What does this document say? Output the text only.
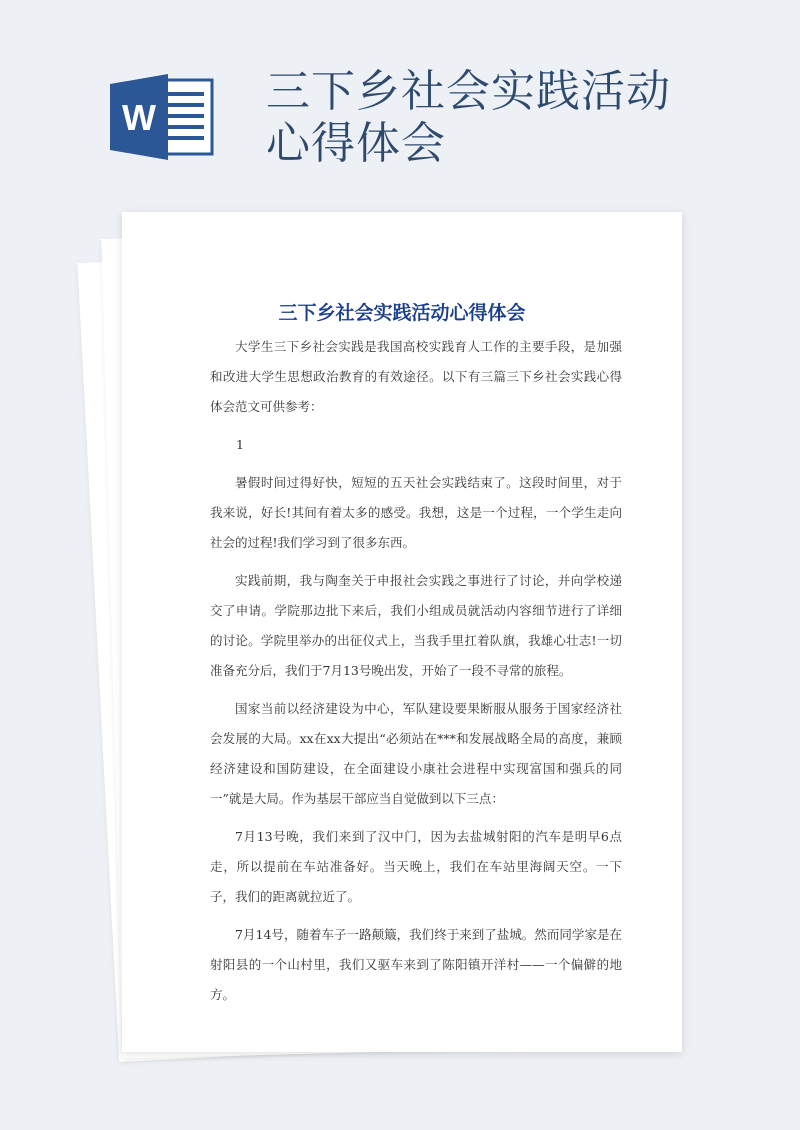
W
三下乡社会实践活动心得体会
三下乡社会实践活动心得体会

大学生三下乡社会实践是我国高校实践育人工作的主要手段，是加强和改进大学生思想政治教育的有效途径。以下有三篇三下乡社会实践心得体会范文可供参考：

1

暑假时间过得好快，短短的五天社会实践结束了。这段时间里，对于我来说，好长!其间有着太多的感受。我想，这是一个过程，一个学生走向社会的过程!我们学习到了很多东西。

实践前期，我与陶奎关于申报社会实践之事进行了讨论，并向学校递交了申请。学院那边批下来后，我们小组成员就活动内容细节进行了详细的讨论。学院里举办的出征仪式上，当我手里扛着队旗，我雄心壮志!一切准备充分后，我们于7月13号晚出发，开始了一段不寻常的旅程。

国家当前以经济建设为中心，军队建设要果断服从服务于国家经济社会发展的大局。xx在xx大提出“必须站在***和发展战略全局的高度，兼顾经济建设和国防建设，在全面建设小康社会进程中实现富国和强兵的同一”就是大局。作为基层干部应当自觉做到以下三点：

7月13号晚，我们来到了汉中门，因为去盐城射阳的汽车是明早6点走，所以提前在车站准备好。当天晚上，我们在车站里海阔天空。一下子，我们的距离就拉近了。

7月14号，随着车子一路颠簸，我们终于来到了盐城。然而同学家是在射阳县的一个山村里，我们又驱车来到了陈阳镇开洋村——一个偏僻的地方。
